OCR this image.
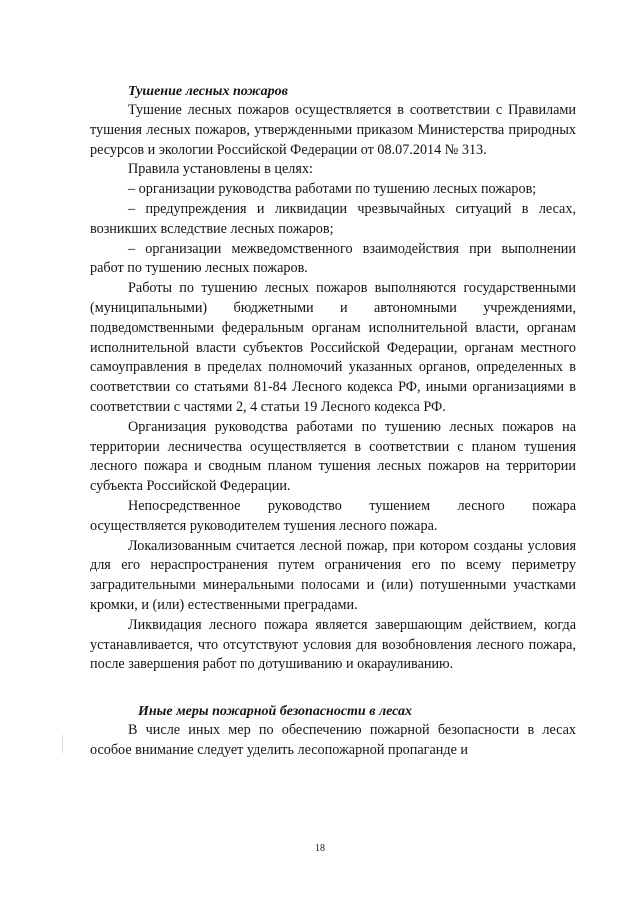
Тушение лесных пожаров

Тушение лесных пожаров осуществляется в соответствии с Правилами тушения лесных пожаров, утвержденными приказом Министерства природных ресурсов и экологии Российской Федерации от 08.07.2014 № 313.

Правила установлены в целях:

– организации руководства работами по тушению лесных пожаров;

– предупреждения и ликвидации чрезвычайных ситуаций в лесах, возникших вследствие лесных пожаров;

– организации межведомственного взаимодействия при выполнении работ по тушению лесных пожаров.

Работы по тушению лесных пожаров выполняются государственными (муниципальными) бюджетными и автономными учреждениями, подведомственными федеральным органам исполнительной власти, органам исполнительной власти субъектов Российской Федерации, органам местного самоуправления в пределах полномочий указанных органов, определенных в соответствии со статьями 81-84 Лесного кодекса РФ, иными организациями в соответствии с частями 2, 4 статьи 19 Лесного кодекса РФ.

Организация руководства работами по тушению лесных пожаров на территории лесничества осуществляется в соответствии с планом тушения лесного пожара и сводным планом тушения лесных пожаров на территории субъекта Российской Федерации.

Непосредственное руководство тушением лесного пожара осуществляется руководителем тушения лесного пожара.

Локализованным считается лесной пожар, при котором созданы условия для его нераспространения путем ограничения его по всему периметру заградительными минеральными полосами и (или) потушенными участками кромки, и (или) естественными преградами.

Ликвидация лесного пожара является завершающим действием, когда устанавливается, что отсутствуют условия для возобновления лесного пожара, после завершения работ по дотушиванию и окарауливанию.

Иные меры пожарной безопасности в лесах

В числе иных мер по обеспечению пожарной безопасности в лесах особое внимание следует уделить лесопожарной пропаганде и

18
